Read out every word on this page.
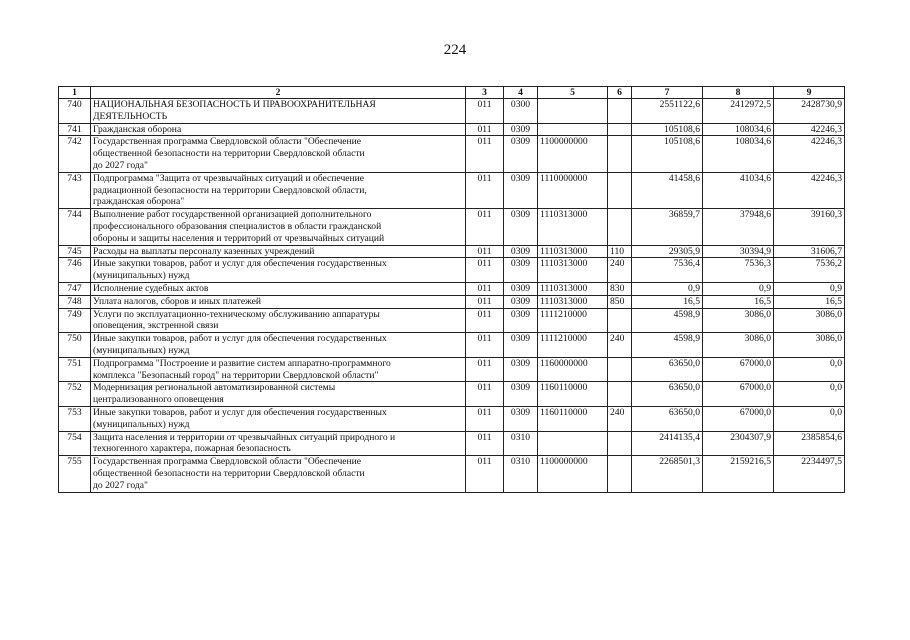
224
1	2	3	4	5	6	7	8	9
740	НАЦИОНАЛЬНАЯ БЕЗОПАСНОСТЬ И ПРАВООХРАНИТЕЛЬНАЯ
ДЕЯТЕЛЬНОСТЬ	011	0300			2551122,6	2412972,5	2428730,9
741	Гражданская оборона	011	0309			105108,6	108034,6	42246,3
742	Государственная программа Свердловской области "Обеспечение
общественной безопасности на территории Свердловской области
до 2027 года"	011	0309	1100000000		105108,6	108034,6	42246,3
743	Подпрограмма "Защита от чрезвычайных ситуаций и обеспечение
радиационной безопасности на территории Свердловской области,
гражданская оборона"	011	0309	1110000000		41458,6	41034,6	42246,3
744	Выполнение работ государственной организацией дополнительного
профессионального образования специалистов в области гражданской
обороны и защиты населения и территорий от чрезвычайных ситуаций	011	0309	1110313000		36859,7	37948,6	39160,3
745	Расходы на выплаты персоналу казенных учреждений	011	0309	1110313000	110	29305,9	30394,9	31606,7
746	Иные закупки товаров, работ и услуг для обеспечения государственных
(муниципальных) нужд	011	0309	1110313000	240	7536,4	7536,3	7536,2
747	Исполнение судебных актов	011	0309	1110313000	830	0,9	0,9	0,9
748	Уплата налогов, сборов и иных платежей	011	0309	1110313000	850	16,5	16,5	16,5
749	Услуги по эксплуатационно-техническому обслуживанию аппаратуры
оповещения, экстренной связи	011	0309	1111210000		4598,9	3086,0	3086,0
750	Иные закупки товаров, работ и услуг для обеспечения государственных
(муниципальных) нужд	011	0309	1111210000	240	4598,9	3086,0	3086,0
751	Подпрограмма "Построение и развитие систем аппаратно-программного
комплекса "Безопасный город" на территории Свердловской области"	011	0309	1160000000		63650,0	67000,0	0,0
752	Модернизация региональной автоматизированной системы
централизованного оповещения	011	0309	1160110000		63650,0	67000,0	0,0
753	Иные закупки товаров, работ и услуг для обеспечения государственных
(муниципальных) нужд	011	0309	1160110000	240	63650,0	67000,0	0,0
754	Защита населения и территории от чрезвычайных ситуаций природного и
техногенного характера, пожарная безопасность	011	0310			2414135,4	2304307,9	2385854,6
755	Государственная программа Свердловской области "Обеспечение
общественной безопасности на территории Свердловской области
до 2027 года"	011	0310	1100000000		2268501,3	2159216,5	2234497,5
